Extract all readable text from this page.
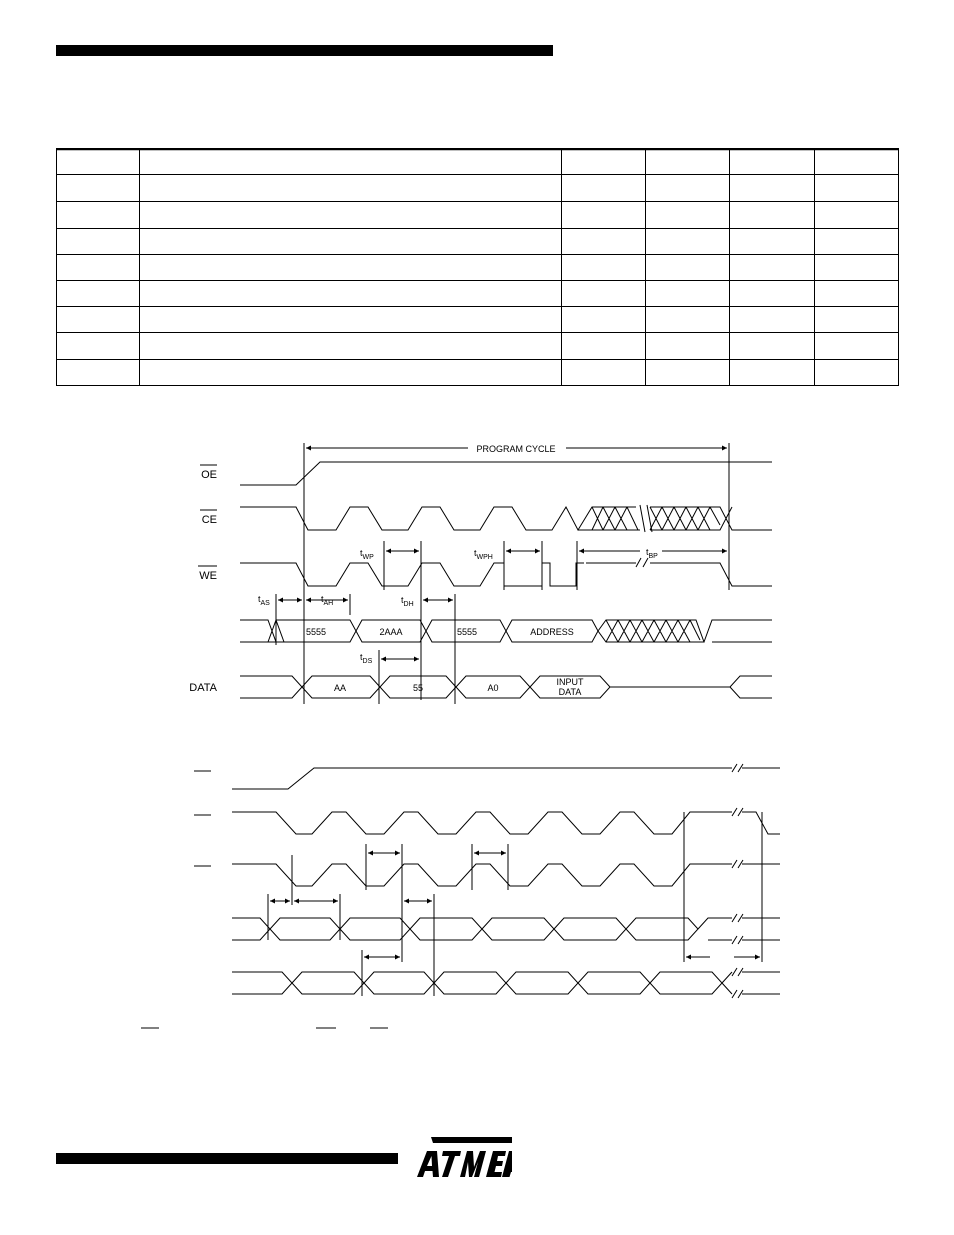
OE
CE
WE
DATA
PROGRAM CYCLE
$t_{WP}$	$t_{WPH}$
$t_{BP}$
$t_{AS}$	$t_{AH}$	$t_{DH}$
5555	2AAA	5555	ADDRESS
$t_{DS}$
AA	55	A0
INPUT
DATA
